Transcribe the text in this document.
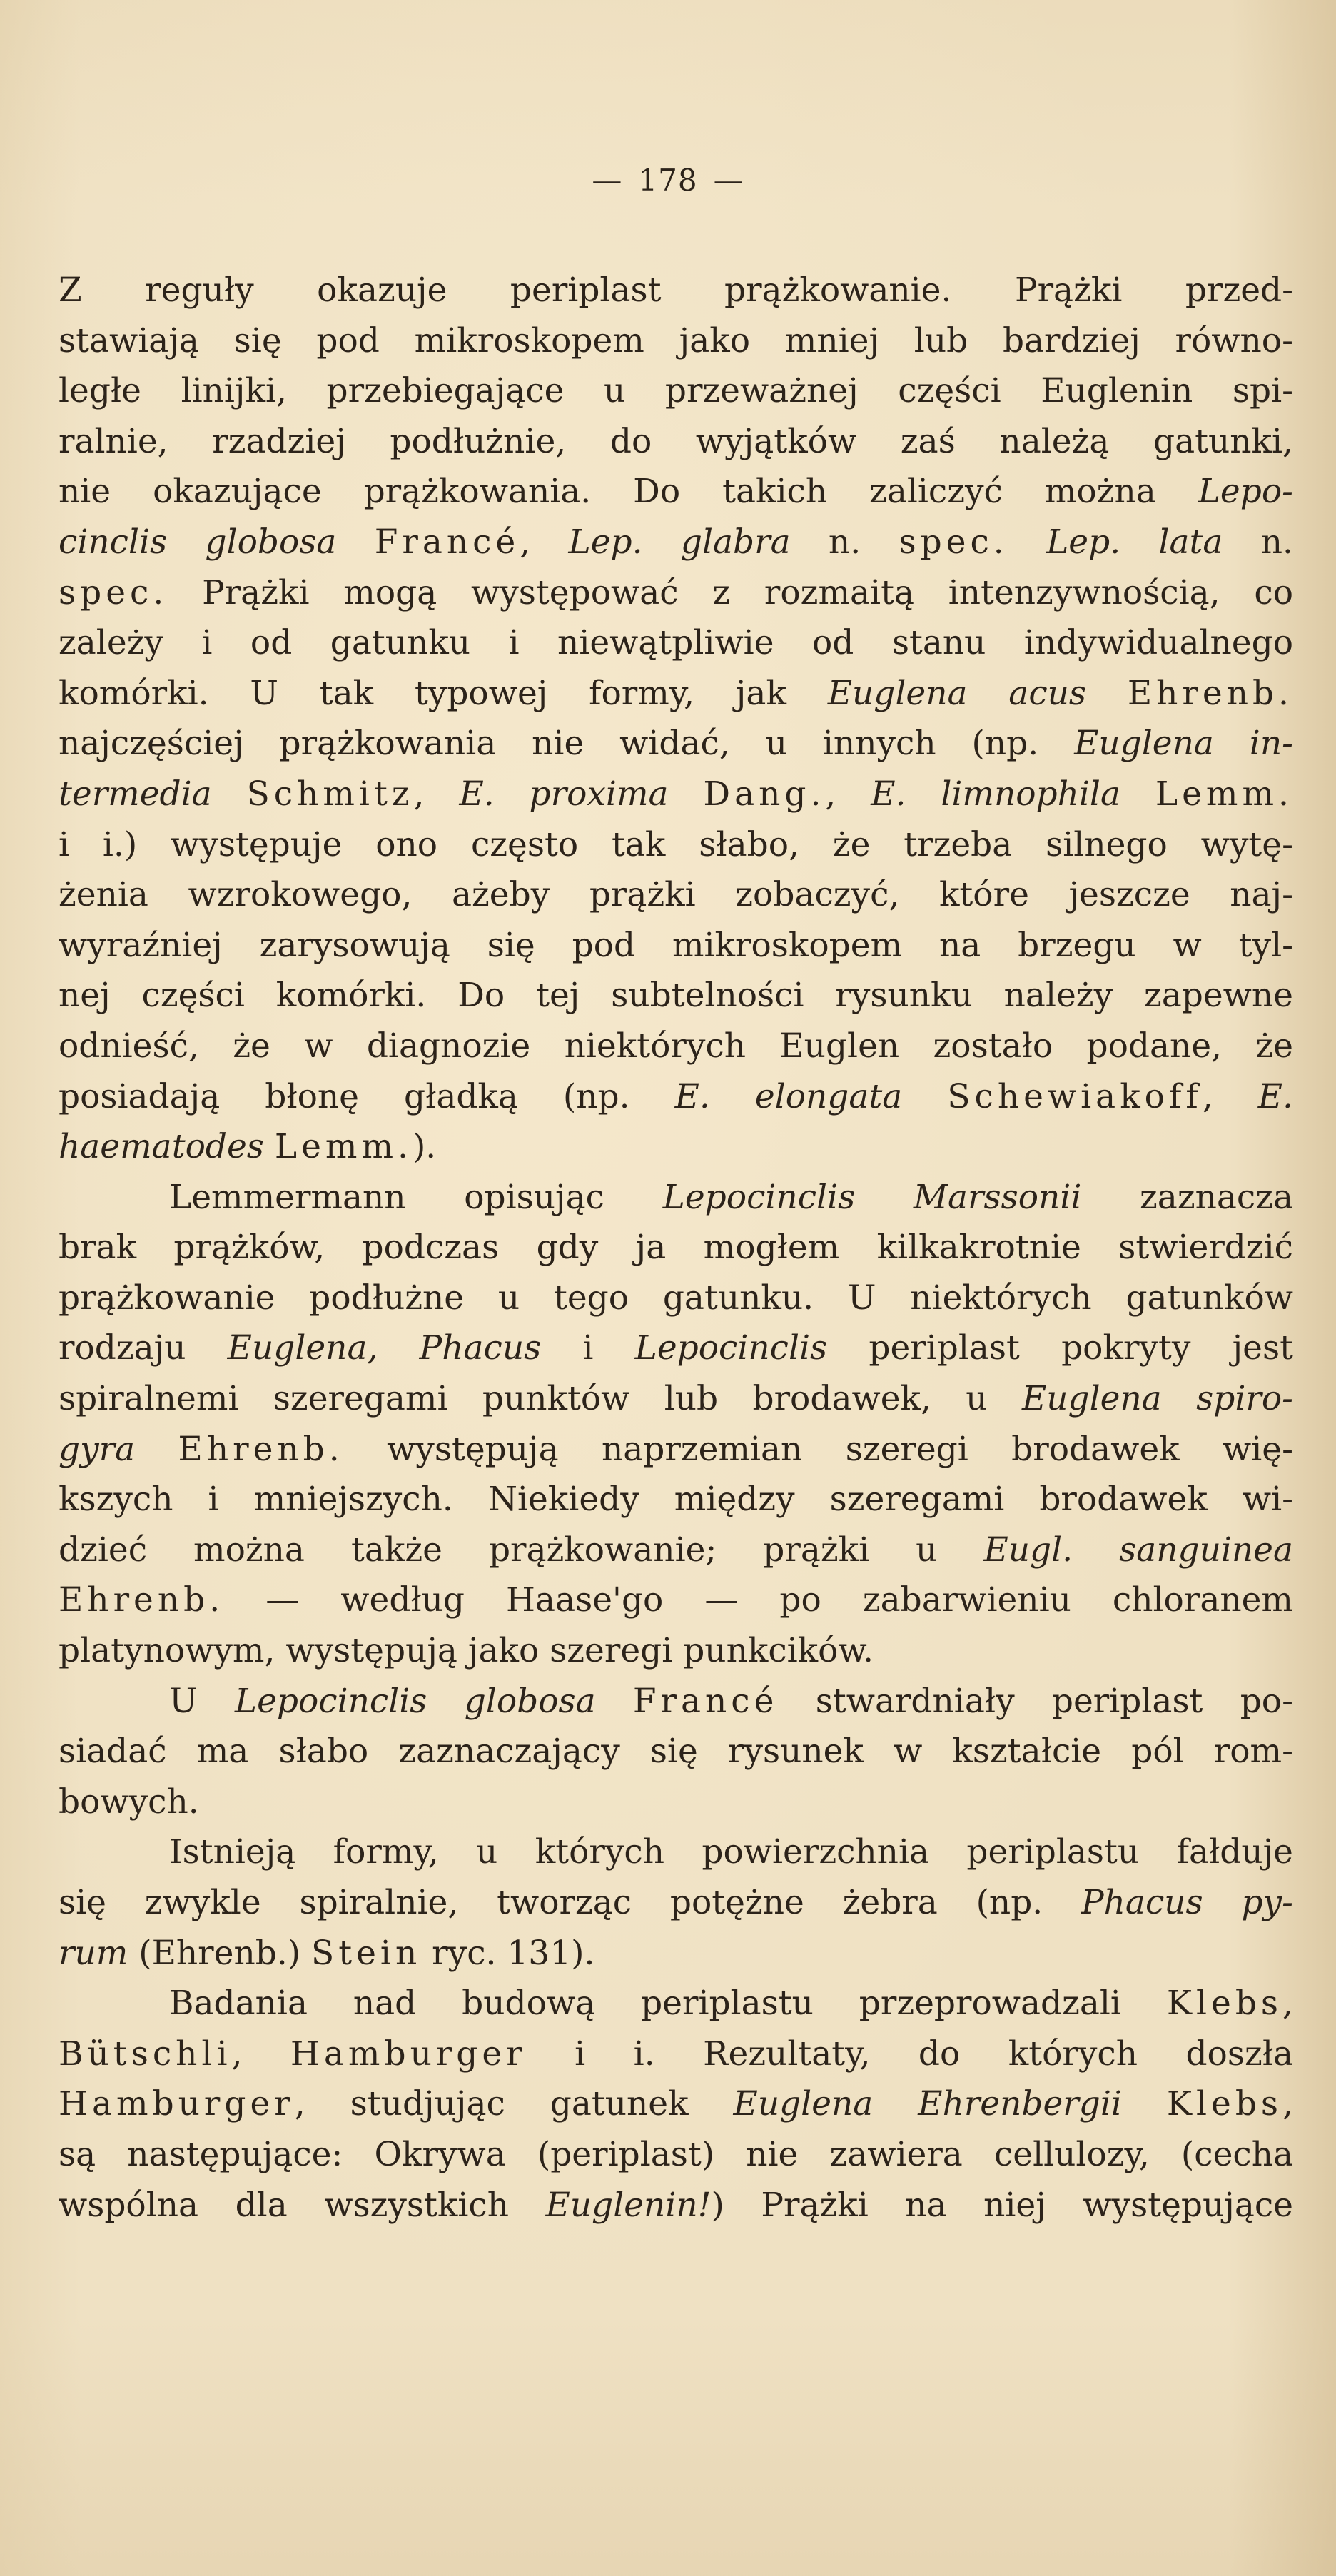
— 178 —
Z reguły okazuje periplast prążkowanie. Prążki przed-
stawiają się pod mikroskopem jako mniej lub bardziej równo-
ległe linijki, przebiegające u przeważnej części Euglenin spi-
ralnie, rzadziej podłużnie, do wyjątków zaś należą gatunki,
nie okazujące prążkowania. Do takich zaliczyć można Lepo-
cinclis globosa Francé, Lep. glabra n. spec. Lep. lata n.
spec. Prążki mogą występować z rozmaitą intenzywnością, co
zależy i od gatunku i niewątpliwie od stanu indywidualnego
komórki. U tak typowej formy, jak Euglena acus Ehrenb.
najczęściej prążkowania nie widać, u innych (np. Euglena in-
termedia Schmitz, E. proxima Dang., E. limnophila Lemm.
i i.) występuje ono często tak słabo, że trzeba silnego wytę-
żenia wzrokowego, ażeby prążki zobaczyć, które jeszcze naj-
wyraźniej zarysowują się pod mikroskopem na brzegu w tyl-
nej części komórki. Do tej subtelności rysunku należy zapewne
odnieść, że w diagnozie niektórych Euglen zostało podane, że
posiadają błonę gładką (np. E. elongata Schewiakoff, E.
haematodes Lemm.).
Lemmermann opisując Lepocinclis Marssonii zaznacza
brak prążków, podczas gdy ja mogłem kilkakrotnie stwierdzić
prążkowanie podłużne u tego gatunku. U niektórych gatunków
rodzaju Euglena, Phacus i Lepocinclis periplast pokryty jest
spiralnemi szeregami punktów lub brodawek, u Euglena spiro-
gyra Ehrenb. występują naprzemian szeregi brodawek wię-
kszych i mniejszych. Niekiedy między szeregami brodawek wi-
dzieć można także prążkowanie; prążki u Eugl. sanguinea
Ehrenb. — według Haase'go — po zabarwieniu chloranem
platynowym, występują jako szeregi punkcików.
U Lepocinclis globosa Francé stwardniały periplast po-
siadać ma słabo zaznaczający się rysunek w kształcie pól rom-
bowych.
Istnieją formy, u których powierzchnia periplastu fałduje
się zwykle spiralnie, tworząc potężne żebra (np. Phacus py-
rum (Ehrenb.) Stein ryc. 131).
Badania nad budową periplastu przeprowadzali Klebs,
Bütschli, Hamburger i i. Rezultaty, do których doszła
Hamburger, studjując gatunek Euglena Ehrenbergii Klebs,
są następujące: Okrywa (periplast) nie zawiera cellulozy, (cecha
wspólna dla wszystkich Euglenin!) Prążki na niej występujące
